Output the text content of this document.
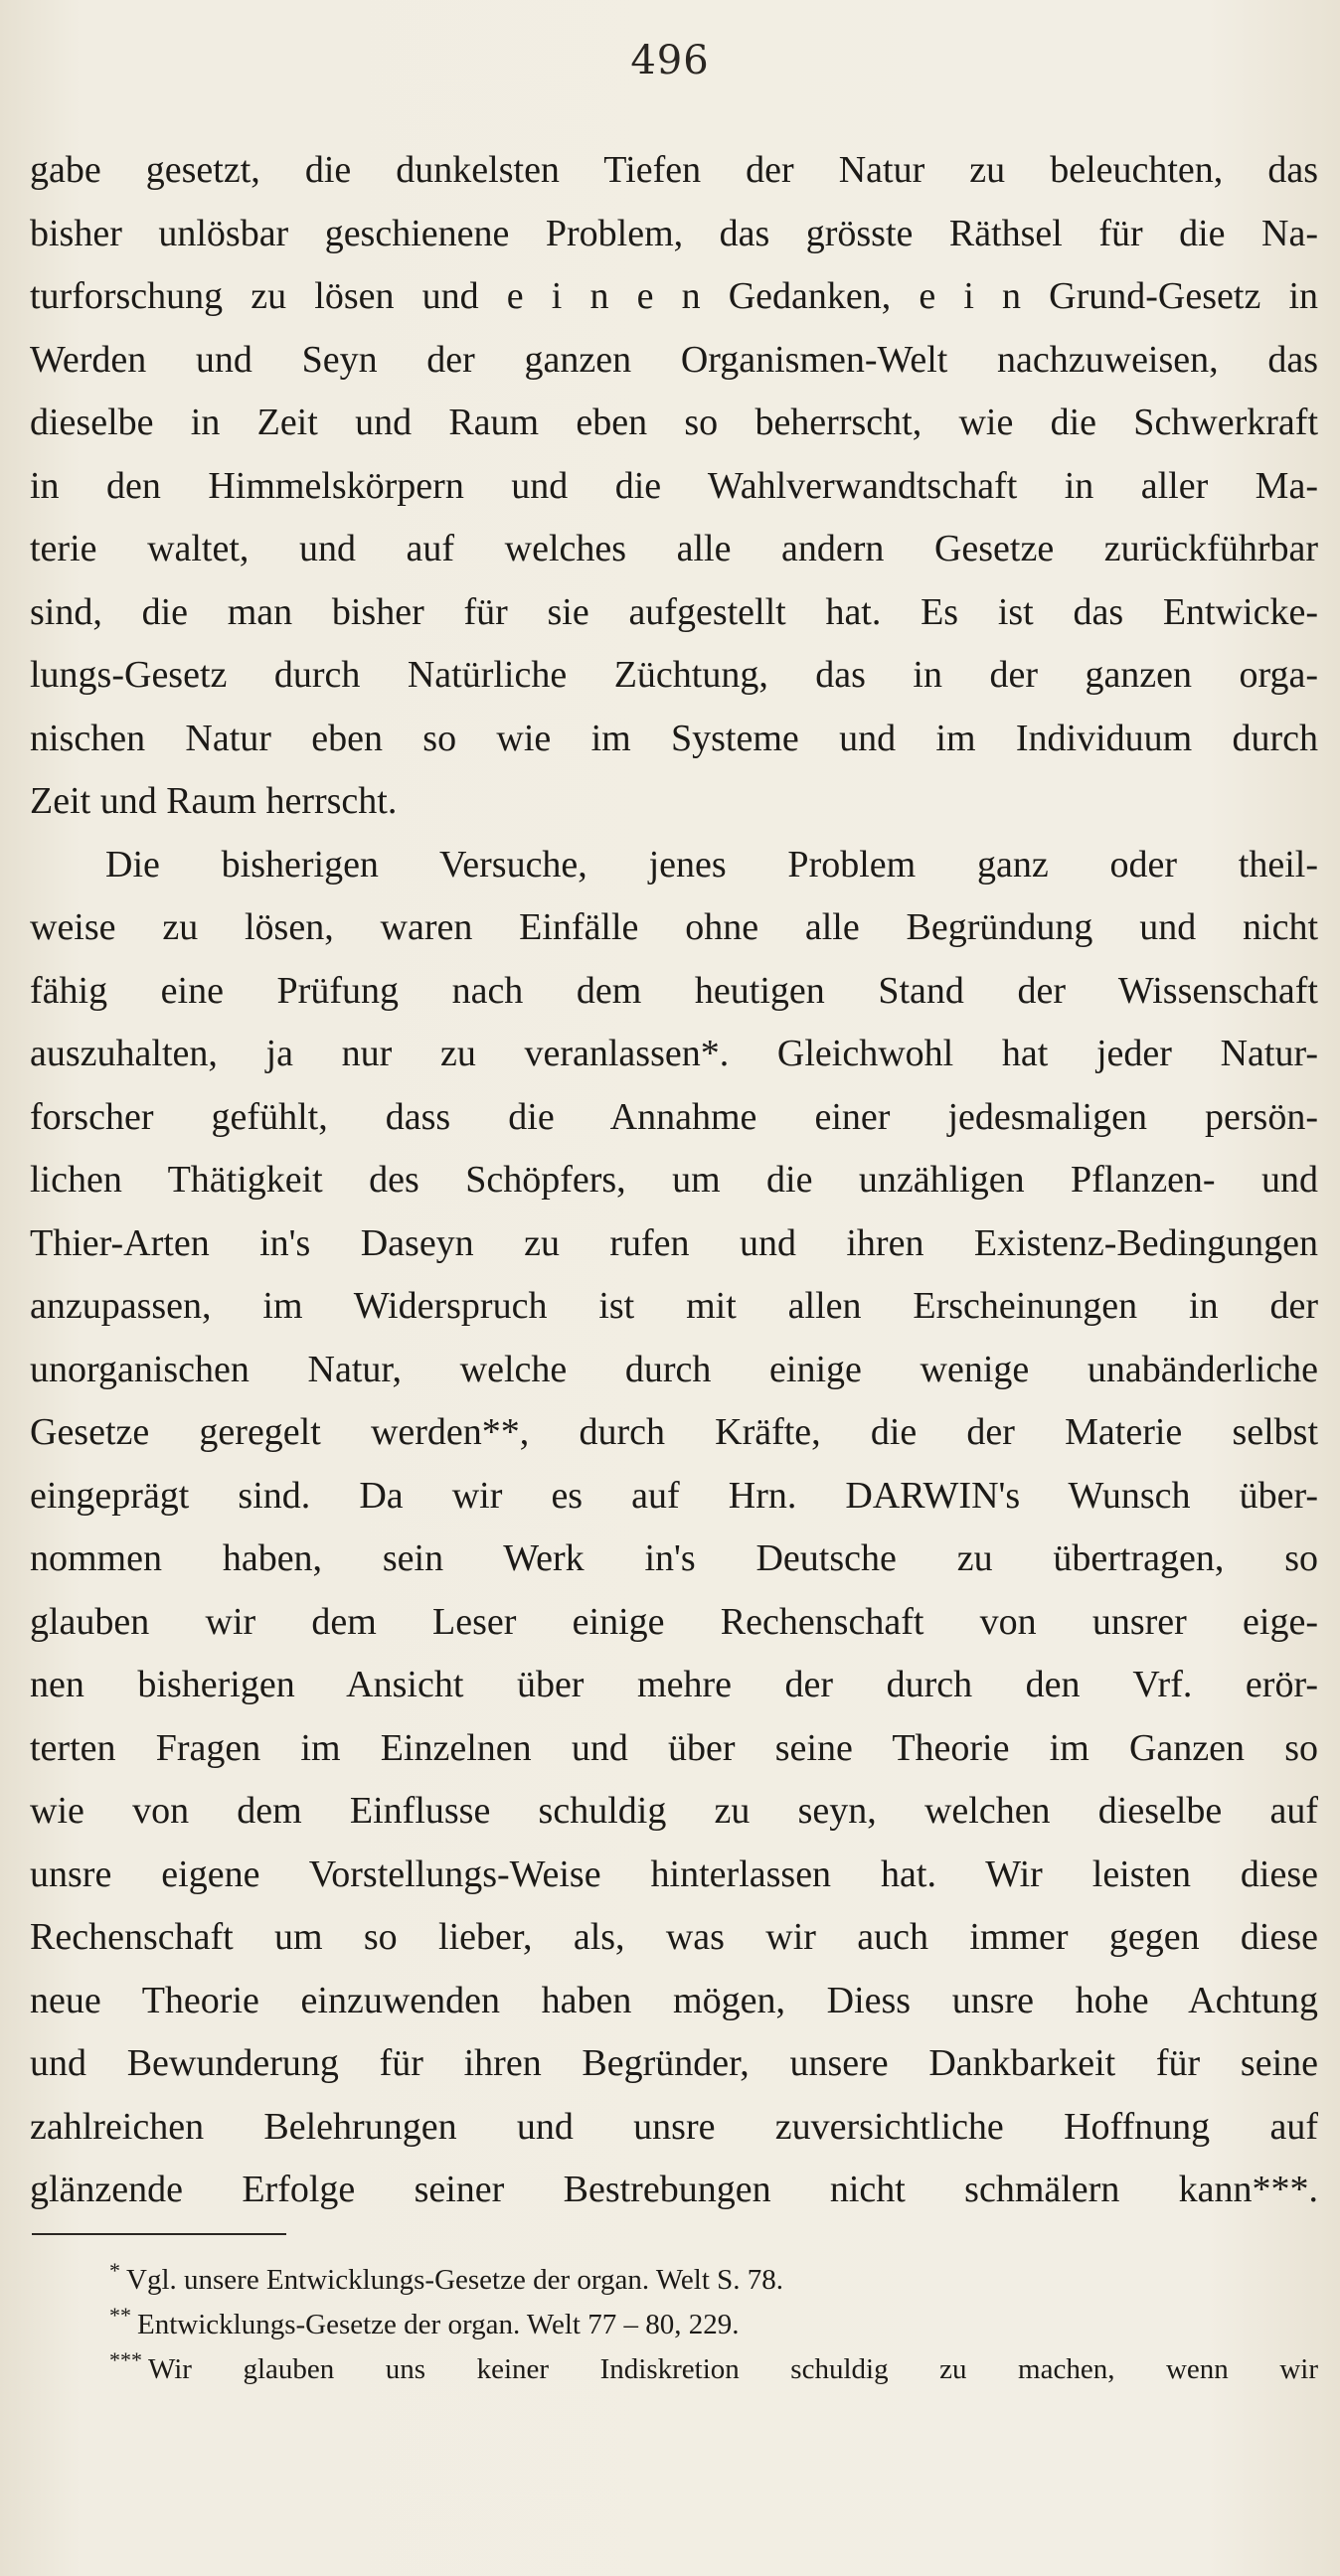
496
gabe gesetzt, die dunkelsten Tiefen der Natur zu beleuchten, das
bisher unlösbar geschienene Problem, das grösste Räthsel für die Na-
turforschung zu lösen und e i n e n Gedanken, e i n Grund-Gesetz in
Werden und Seyn der ganzen Organismen-Welt nachzuweisen, das
dieselbe in Zeit und Raum eben so beherrscht, wie die Schwerkraft
in den Himmelskörpern und die Wahlverwandtschaft in aller Ma-
terie waltet, und auf welches alle andern Gesetze zurückführbar
sind, die man bisher für sie aufgestellt hat. Es ist das Entwicke-
lungs-Gesetz durch Natürliche Züchtung, das in der ganzen orga-
nischen Natur eben so wie im Systeme und im Individuum durch
Zeit und Raum herrscht.
Die bisherigen Versuche, jenes Problem ganz oder theil-
weise zu lösen, waren Einfälle ohne alle Begründung und nicht
fähig eine Prüfung nach dem heutigen Stand der Wissenschaft
auszuhalten, ja nur zu veranlassen*. Gleichwohl hat jeder Natur-
forscher gefühlt, dass die Annahme einer jedesmaligen persön-
lichen Thätigkeit des Schöpfers, um die unzähligen Pflanzen- und
Thier-Arten in's Daseyn zu rufen und ihren Existenz-Bedingungen
anzupassen, im Widerspruch ist mit allen Erscheinungen in der
unorganischen Natur, welche durch einige wenige unabänderliche
Gesetze geregelt werden**, durch Kräfte, die der Materie selbst
eingeprägt sind. Da wir es auf Hrn. DARWIN's Wunsch über-
nommen haben, sein Werk in's Deutsche zu übertragen, so
glauben wir dem Leser einige Rechenschaft von unsrer eige-
nen bisherigen Ansicht über mehre der durch den Vrf. erör-
terten Fragen im Einzelnen und über seine Theorie im Ganzen so
wie von dem Einflusse schuldig zu seyn, welchen dieselbe auf
unsre eigene Vorstellungs-Weise hinterlassen hat. Wir leisten diese
Rechenschaft um so lieber, als, was wir auch immer gegen diese
neue Theorie einzuwenden haben mögen, Diess unsre hohe Achtung
und Bewunderung für ihren Begründer, unsere Dankbarkeit für seine
zahlreichen Belehrungen und unsre zuversichtliche Hoffnung auf
glänzende Erfolge seiner Bestrebungen nicht schmälern kann***.
* Vgl. unsere Entwicklungs-Gesetze der organ. Welt S. 78.
** Entwicklungs-Gesetze der organ. Welt 77 – 80, 229.
*** Wir glauben uns keiner Indiskretion schuldig zu machen, wenn wir
